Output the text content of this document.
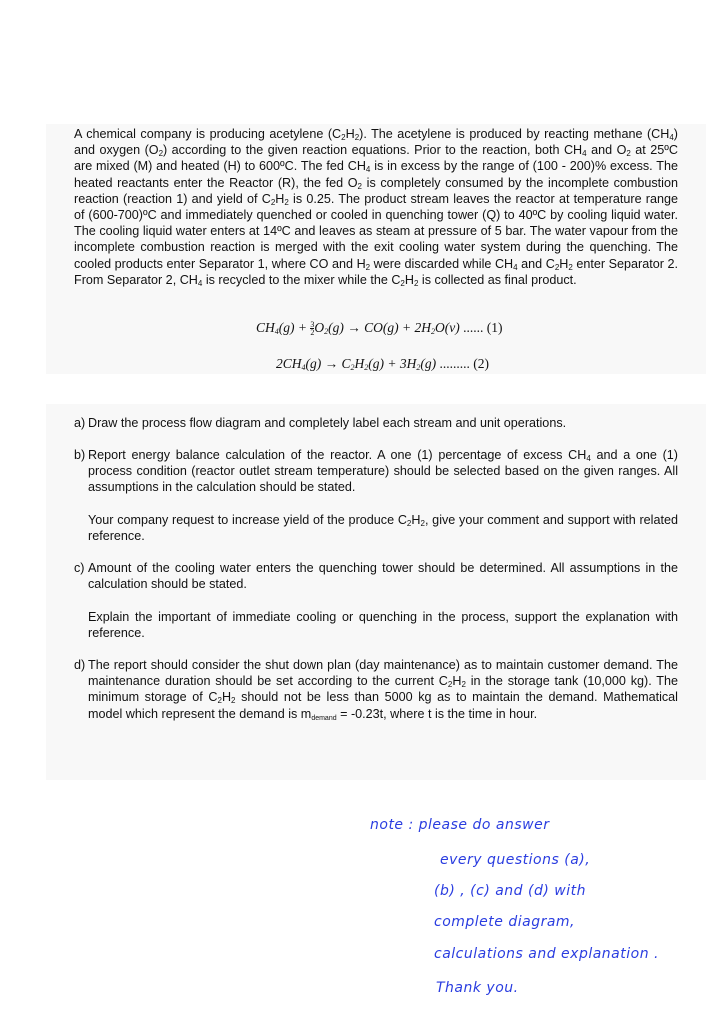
A chemical company is producing acetylene $(C_2H_2)$. The acetylene is produced by reacting methane $(CH_4)$ and oxygen $(O_2)$ according to the given reaction equations. Prior to the reaction, both $CH_4$ and $O_2$ at 25ºC are mixed (M) and heated (H) to 600ºC. The fed $CH_4$ is in excess by the range of (100 - 200)% excess. The heated reactants enter the Reactor (R), the fed $O_2$ is completely consumed by the incomplete combustion reaction (reaction 1) and yield of $C_2H_2$ is 0.25. The product stream leaves the reactor at temperature range of (600-700)ºC and immediately quenched or cooled in quenching tower (Q) to 40ºC by cooling liquid water. The cooling liquid water enters at 14ºC and leaves as steam at pressure of 5 bar. The water vapour from the incomplete combustion reaction is merged with the exit cooling water system during the quenching. The cooled products enter Separator 1, where CO and $H_2$ were discarded while $CH_4$ and $C_2H_2$ enter Separator 2. From Separator 2, $CH_4$ is recycled to the mixer while the $C_2H_2$ is collected as final product.

$CH_4(g) + \frac{3}{2} O_2(g) \to CO(g) + 2H_2O(v)$ ...... (1)
$2CH_4(g) \to C_2H_2(g) + 3H_2(g)$ ......... (2)

a) Draw the process flow diagram and completely label each stream and unit operations.

b) Report energy balance calculation of the reactor. A one (1) percentage of excess $CH_4$ and a one (1) process condition (reactor outlet stream temperature) should be selected based on the given ranges. All assumptions in the calculation should be stated.

Your company request to increase yield of the produce $C_2H_2$, give your comment and support with related reference.

c) Amount of the cooling water enters the quenching tower should be determined. All assumptions in the calculation should be stated.

Explain the important of immediate cooling or quenching in the process, support the explanation with reference.

d) The report should consider the shut down plan (day maintenance) as to maintain customer demand. The maintenance duration should be set according to the current $C_2H_2$ in the storage tank (10,000 kg). The minimum storage of $C_2H_2$ should not be less than 5000 kg as to maintain the demand. Mathematical model which represent the demand is $m_{demand} = -0.23t$, where t is the time in hour.

note : please do answer
every questions (a),
(b) , (c) and (d) with
complete diagram,
calculations and explanation .
Thank you.
